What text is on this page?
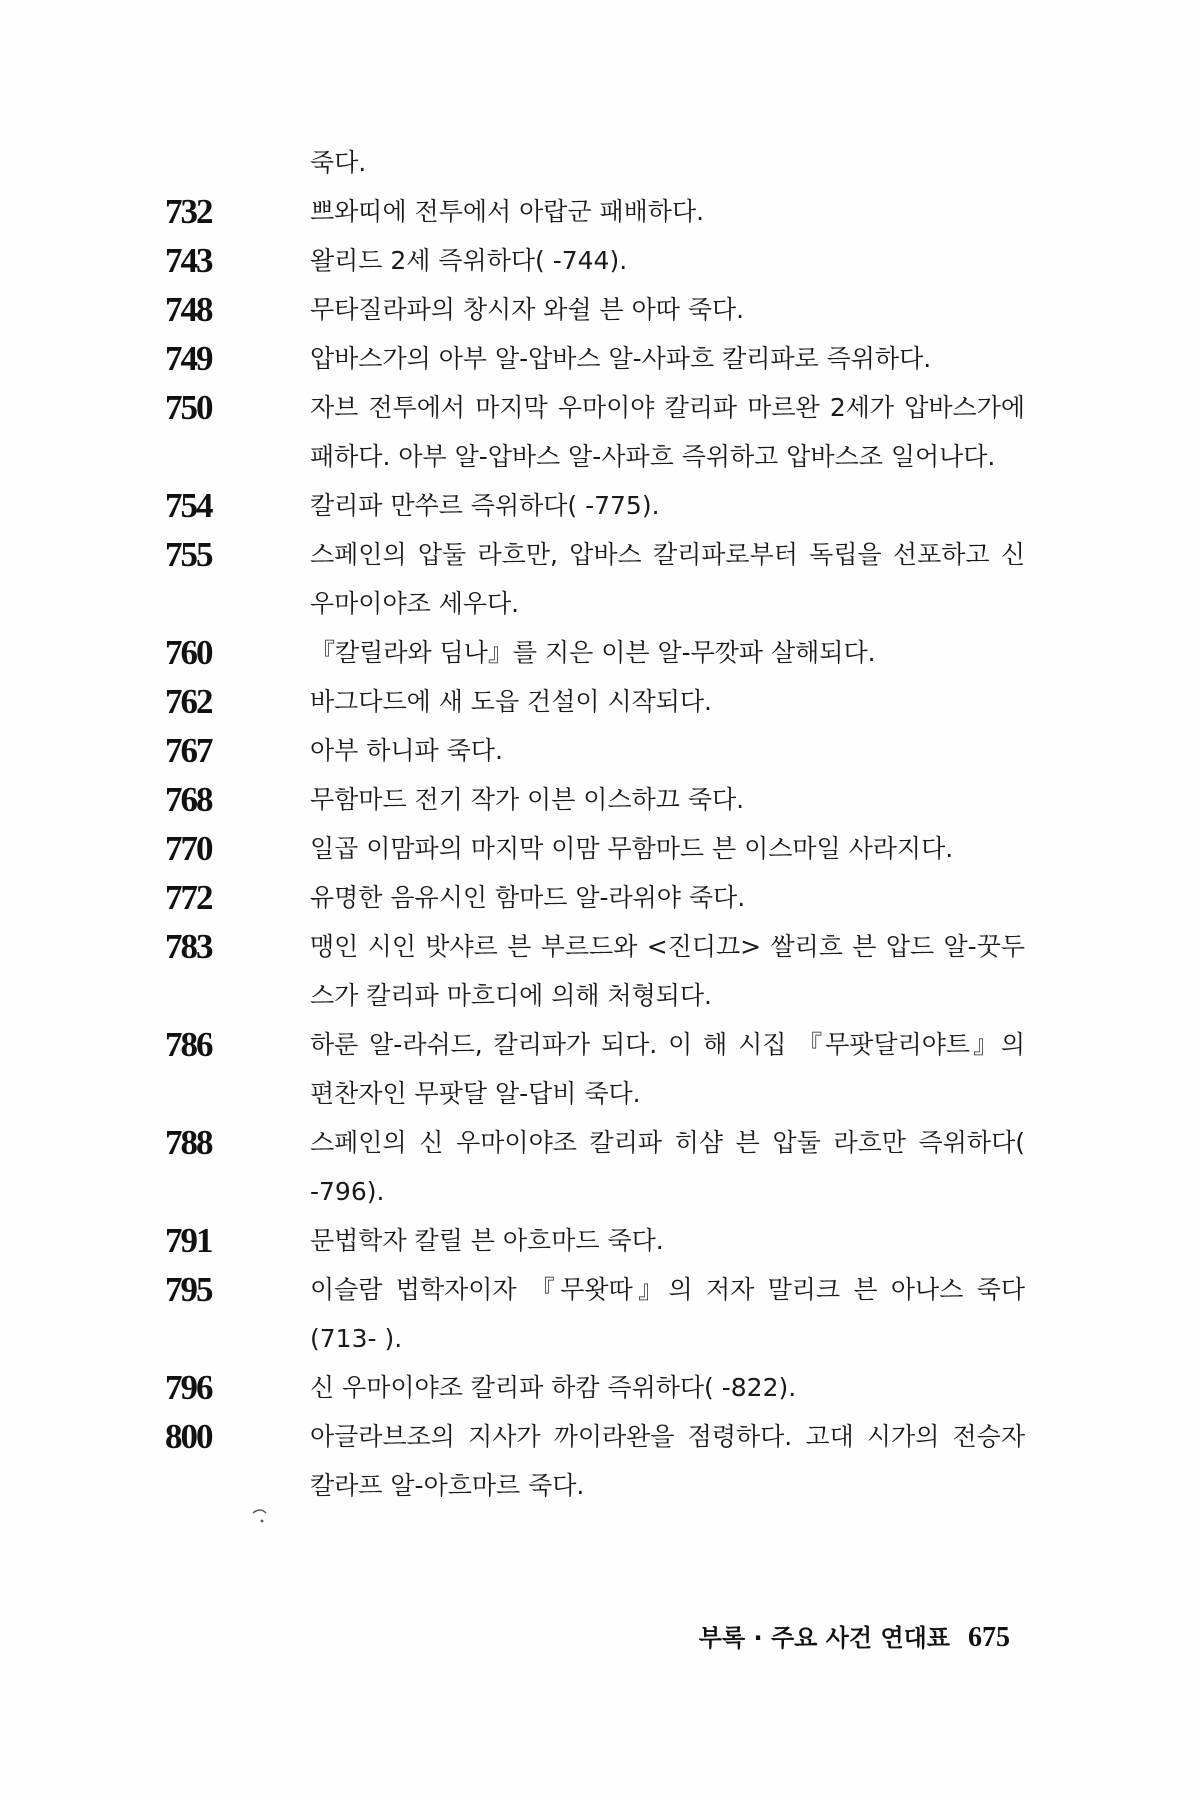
죽다.
732	쁘와띠에 전투에서 아랍군 패배하다.
743	왈리드 2세 즉위하다( -744).
748	무타질라파의 창시자 와쉴 븐 아따 죽다.
749	압바스가의 아부 알-압바스 알-사파흐 칼리파로 즉위하다.
750	자브 전투에서 마지막 우마이야 칼리파 마르완 2세가 압바스가에 패하다. 아부 알-압바스 알-사파흐 즉위하고 압바스조 일어나다.
754	칼리파 만쑤르 즉위하다( -775).
755	스페인의 압둘 라흐만, 압바스 칼리파로부터 독립을 선포하고 신 우마이야조 세우다.
760	『칼릴라와 딤나』를 지은 이븐 알-무깟파 살해되다.
762	바그다드에 새 도읍 건설이 시작되다.
767	아부 하니파 죽다.
768	무함마드 전기 작가 이븐 이스하끄 죽다.
770	일곱 이맘파의 마지막 이맘 무함마드 븐 이스마일 사라지다.
772	유명한 음유시인 함마드 알-라위야 죽다.
783	맹인 시인 밧샤르 븐 부르드와 <진디끄> 쌀리흐 븐 압드 알-꿋두스가 칼리파 마흐디에 의해 처형되다.
786	하룬 알-라쉬드, 칼리파가 되다. 이 해 시집 『무팟달리야트』의 편찬자인 무팟달 알-답비 죽다.
788	스페인의 신 우마이야조 칼리파 히샴 븐 압둘 라흐만 즉위하다( -796).
791	문법학자 칼릴 븐 아흐마드 죽다.
795	이슬람 법학자이자 『무왓따』의 저자 말리크 븐 아나스 죽다(713- ).
796	신 우마이야조 칼리파 하캄 즉위하다( -822).
800	아글라브조의 지사가 까이라완을 점령하다. 고대 시가의 전승자 칼라프 알-아흐마르 죽다.
부록 · 주요 사건 연대표 675
